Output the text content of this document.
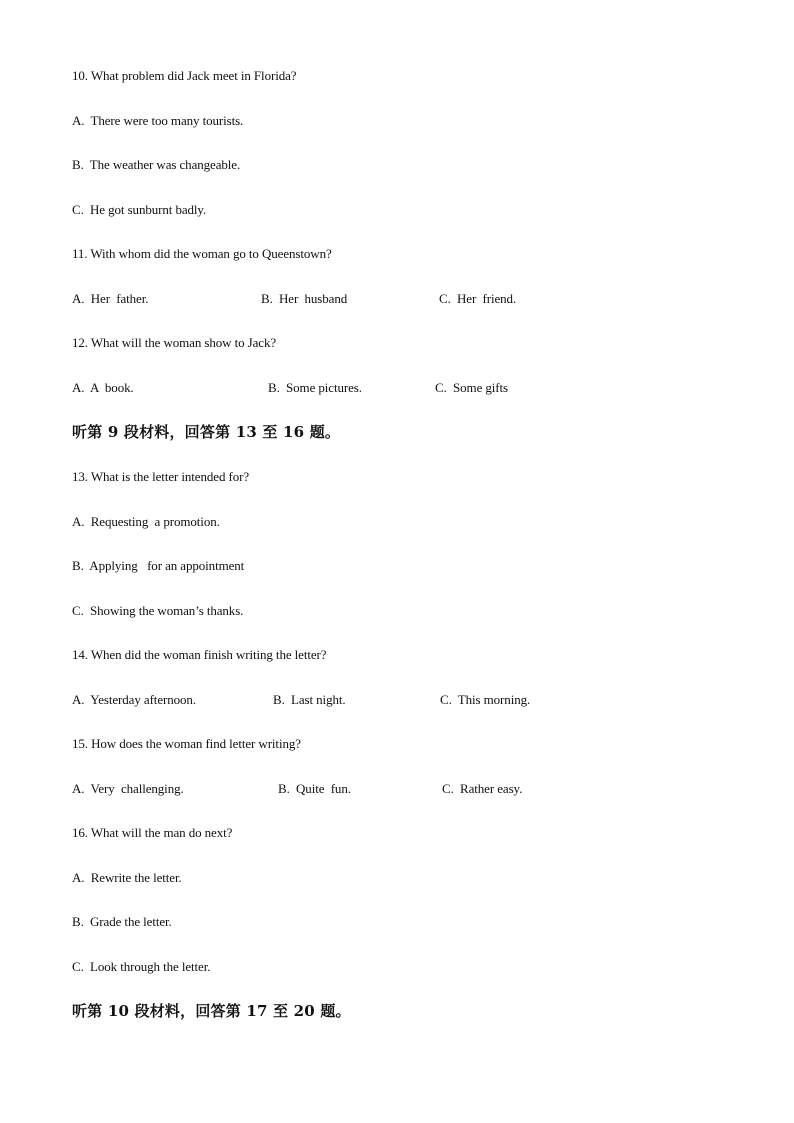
10. What problem did Jack meet in Florida?
A.  There were too many tourists.
B.  The weather was changeable.
C.  He got sunburnt badly.
11. With whom did the woman go to Queenstown?
A.  Her  father.	B.  Her  husband	C.  Her  friend.
12. What will the woman show to Jack?
A.  A  book.	B.  Some pictures.	C.  Some gifts
听第 9 段材料，回答第 13 至 16 题。
13. What is the letter intended for?
A.  Requesting  a promotion.
B.  Applying   for an appointment
C.  Showing the woman’s thanks.
14. When did the woman finish writing the letter?
A.  Yesterday afternoon.	B.  Last night.	C.  This morning.
15. How does the woman find letter writing?
A.  Very  challenging.	B.  Quite  fun.	C.  Rather easy.
16. What will the man do next?
A.  Rewrite the letter.
B.  Grade the letter.
C.  Look through the letter.
听第 10 段材料，回答第 17 至 20 题。
